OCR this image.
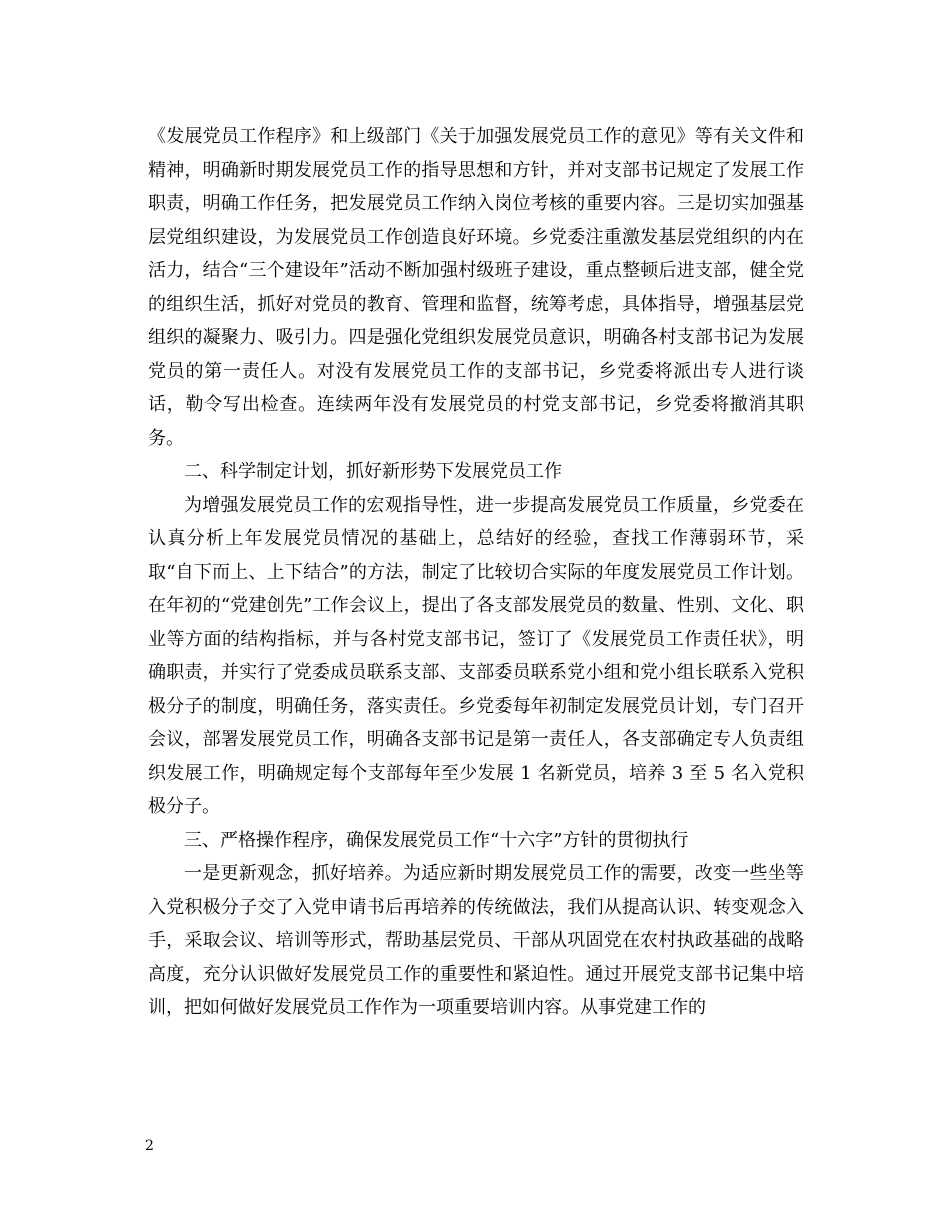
《发展党员工作程序》和上级部门《关于加强发展党员工作的意见》等有关文件和精神，明确新时期发展党员工作的指导思想和方针，并对支部书记规定了发展工作职责，明确工作任务，把发展党员工作纳入岗位考核的重要内容。三是切实加强基层党组织建设，为发展党员工作创造良好环境。乡党委注重激发基层党组织的内在活力，结合“三个建设年”活动不断加强村级班子建设，重点整顿后进支部，健全党的组织生活，抓好对党员的教育、管理和监督，统筹考虑，具体指导，增强基层党组织的凝聚力、吸引力。四是强化党组织发展党员意识，明确各村支部书记为发展党员的第一责任人。对没有发展党员工作的支部书记，乡党委将派出专人进行谈话，勒令写出检查。连续两年没有发展党员的村党支部书记，乡党委将撤消其职务。

二、科学制定计划，抓好新形势下发展党员工作

为增强发展党员工作的宏观指导性，进一步提高发展党员工作质量，乡党委在认真分析上年发展党员情况的基础上，总结好的经验，查找工作薄弱环节，采取“自下而上、上下结合”的方法，制定了比较切合实际的年度发展党员工作计划。在年初的“党建创先”工作会议上，提出了各支部发展党员的数量、性别、文化、职业等方面的结构指标，并与各村党支部书记，签订了《发展党员工作责任状》，明确职责，并实行了党委成员联系支部、支部委员联系党小组和党小组长联系入党积极分子的制度，明确任务，落实责任。乡党委每年初制定发展党员计划，专门召开会议，部署发展党员工作，明确各支部书记是第一责任人，各支部确定专人负责组织发展工作，明确规定每个支部每年至少发展 1 名新党员，培养 3 至 5 名入党积极分子。

三、严格操作程序，确保发展党员工作“十六字”方针的贯彻执行

一是更新观念，抓好培养。为适应新时期发展党员工作的需要，改变一些坐等入党积极分子交了入党申请书后再培养的传统做法，我们从提高认识、转变观念入手，采取会议、培训等形式，帮助基层党员、干部从巩固党在农村执政基础的战略高度，充分认识做好发展党员工作的重要性和紧迫性。通过开展党支部书记集中培训，把如何做好发展党员工作作为一项重要培训内容。从事党建工作的

2
